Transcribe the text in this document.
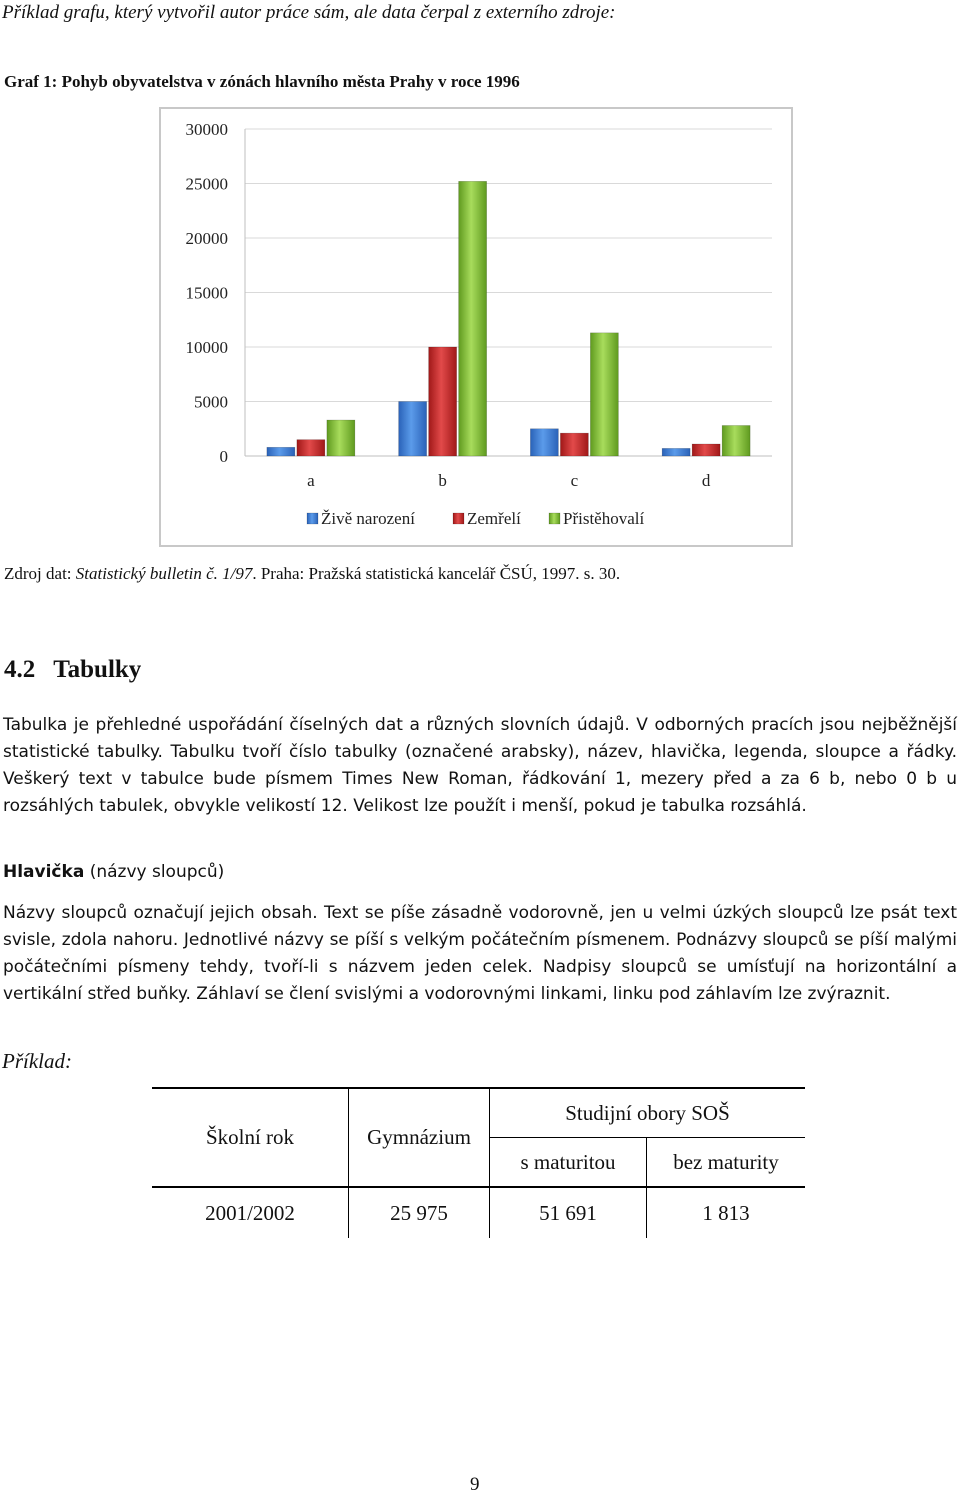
Příklad grafu, který vytvořil autor práce sám, ale data čerpal z externího zdroje:
Graf 1: Pohyb obyvatelstva v zónách hlavního města Prahy v roce 1996
0
5000
10000
15000
20000
25000
30000
a	b	c	d
Živě narození	Zemřelí Přistěhovalí
Zdroj dat: Statistický bulletin č. 1/97. Praha: Pražská statistická kancelář ČSÚ, 1997. s. 30.
4.2 Tabulky
Tabulka je přehledné uspořádání číselných dat a různých slovních údajů. V odborných pracích jsou nejběžnější statistické tabulky. Tabulku tvoří číslo tabulky (označené arabsky), název, hlavička, legenda, sloupce a řádky. Veškerý text v tabulce bude písmem Times New Roman, řádkování 1, mezery před a za 6 b, nebo 0 b u rozsáhlých tabulek, obvykle velikostí 12. Velikost lze použít i menší, pokud je tabulka rozsáhlá.
Hlavička (názvy sloupců)
Názvy sloupců označují jejich obsah. Text se píše zásadně vodorovně, jen u velmi úzkých sloupců lze psát text svisle, zdola nahoru. Jednotlivé názvy se píší s velkým počátečním písmenem. Podnázvy sloupců se píší malými počátečními písmeny tehdy, tvoří-li s názvem jeden celek. Nadpisy sloupců se umísťují na horizontální a vertikální střed buňky. Záhlaví se člení svislými a vodorovnými linkami, linku pod záhlavím lze zvýraznit.
Příklad:
Školní rok	Gymnázium	Studijní obory SOŠ	
		s maturitou	bez maturity
2001/2002	25 975	51 691	1 813
9
